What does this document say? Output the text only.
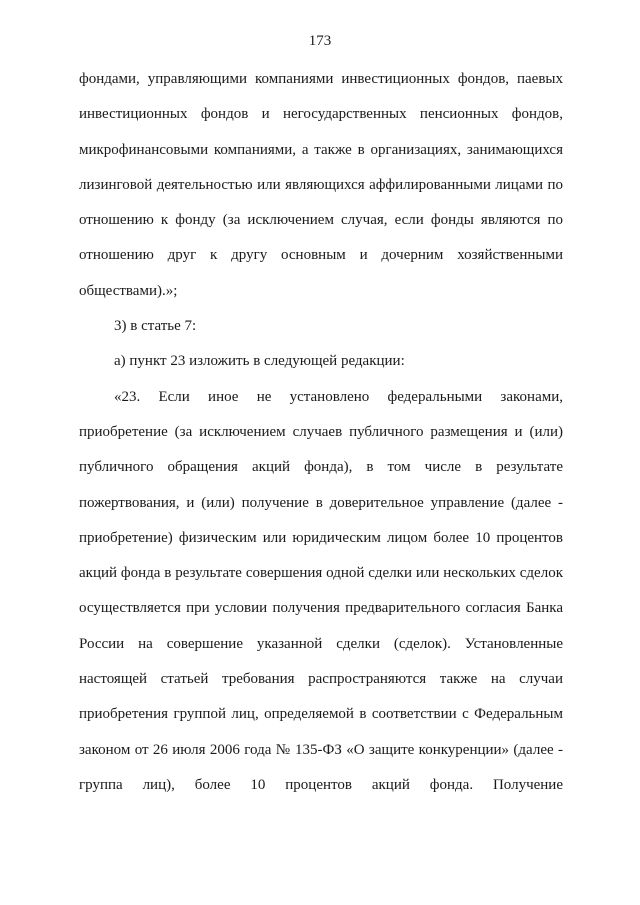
173
фондами, управляющими компаниями инвестиционных фондов, паевых
инвестиционных фондов и негосударственных пенсионных фондов,
микрофинансовыми компаниями, а также в организациях, занимающихся
лизинговой деятельностью или являющихся аффилированными лицами по
отношению к фонду (за исключением случая, если фонды являются по
отношению друг к другу основным и дочерним хозяйственными
обществами).»;
3) в статье 7:
а) пункт 23 изложить в следующей редакции:
«23. Если иное не установлено федеральными законами,
приобретение (за исключением случаев публичного размещения и (или)
публичного обращения акций фонда), в том числе в результате
пожертвования, и (или) получение в доверительное управление (далее -
приобретение) физическим или юридическим лицом более 10 процентов
акций фонда в результате совершения одной сделки или нескольких сделок
осуществляется при условии получения предварительного согласия Банка
России на совершение указанной сделки (сделок). Установленные
настоящей статьей требования распространяются также на случаи
приобретения группой лиц, определяемой в соответствии с Федеральным
законом от 26 июля 2006 года № 135-ФЗ «О защите конкуренции» (далее -
группа лиц), более 10 процентов акций фонда. Получение
